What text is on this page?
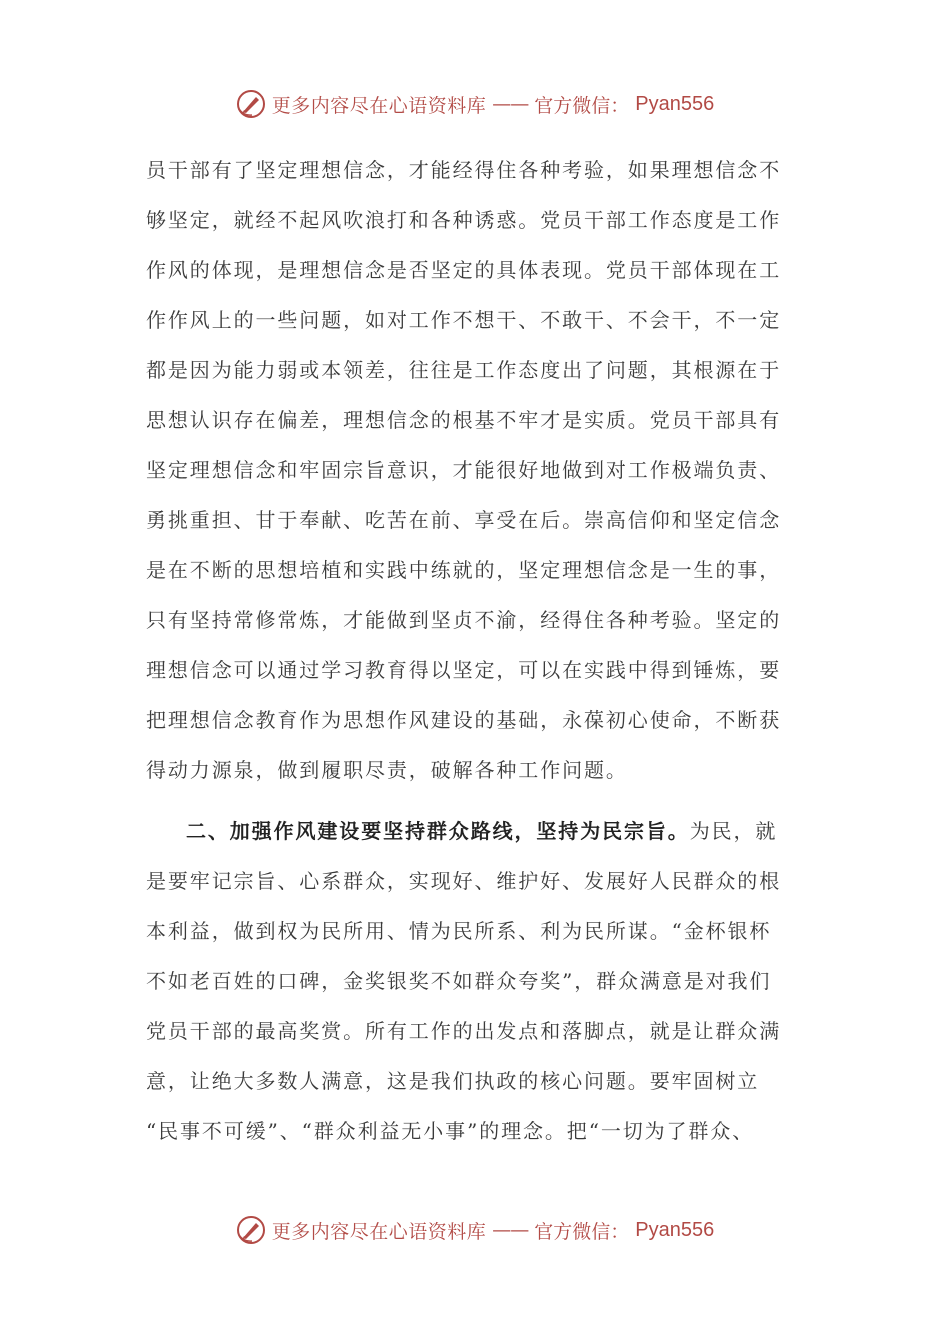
更多内容尽在心语资料库 —— 官方微信： Pyan556
员干部有了坚定理想信念，才能经得住各种考验，如果理想信念不
够坚定，就经不起风吹浪打和各种诱惑。党员干部工作态度是工作
作风的体现，是理想信念是否坚定的具体表现。党员干部体现在工
作作风上的一些问题，如对工作不想干、不敢干、不会干，不一定
都是因为能力弱或本领差，往往是工作态度出了问题，其根源在于
思想认识存在偏差，理想信念的根基不牢才是实质。党员干部具有
坚定理想信念和牢固宗旨意识，才能很好地做到对工作极端负责、
勇挑重担、甘于奉献、吃苦在前、享受在后。崇高信仰和坚定信念
是在不断的思想培植和实践中练就的，坚定理想信念是一生的事，
只有坚持常修常炼，才能做到坚贞不渝，经得住各种考验。坚定的
理想信念可以通过学习教育得以坚定，可以在实践中得到锤炼，要
把理想信念教育作为思想作风建设的基础，永葆初心使命，不断获
得动力源泉，做到履职尽责，破解各种工作问题。
二、加强作风建设要坚持群众路线，坚持为民宗旨。为民，就
是要牢记宗旨、心系群众，实现好、维护好、发展好人民群众的根
本利益，做到权为民所用、情为民所系、利为民所谋。“金杯银杯
不如老百姓的口碑，金奖银奖不如群众夸奖”，群众满意是对我们
党员干部的最高奖赏。所有工作的出发点和落脚点，就是让群众满
意，让绝大多数人满意，这是我们执政的核心问题。要牢固树立
“民事不可缓”、“群众利益无小事”的理念。把“一切为了群众、
更多内容尽在心语资料库 —— 官方微信： Pyan556
